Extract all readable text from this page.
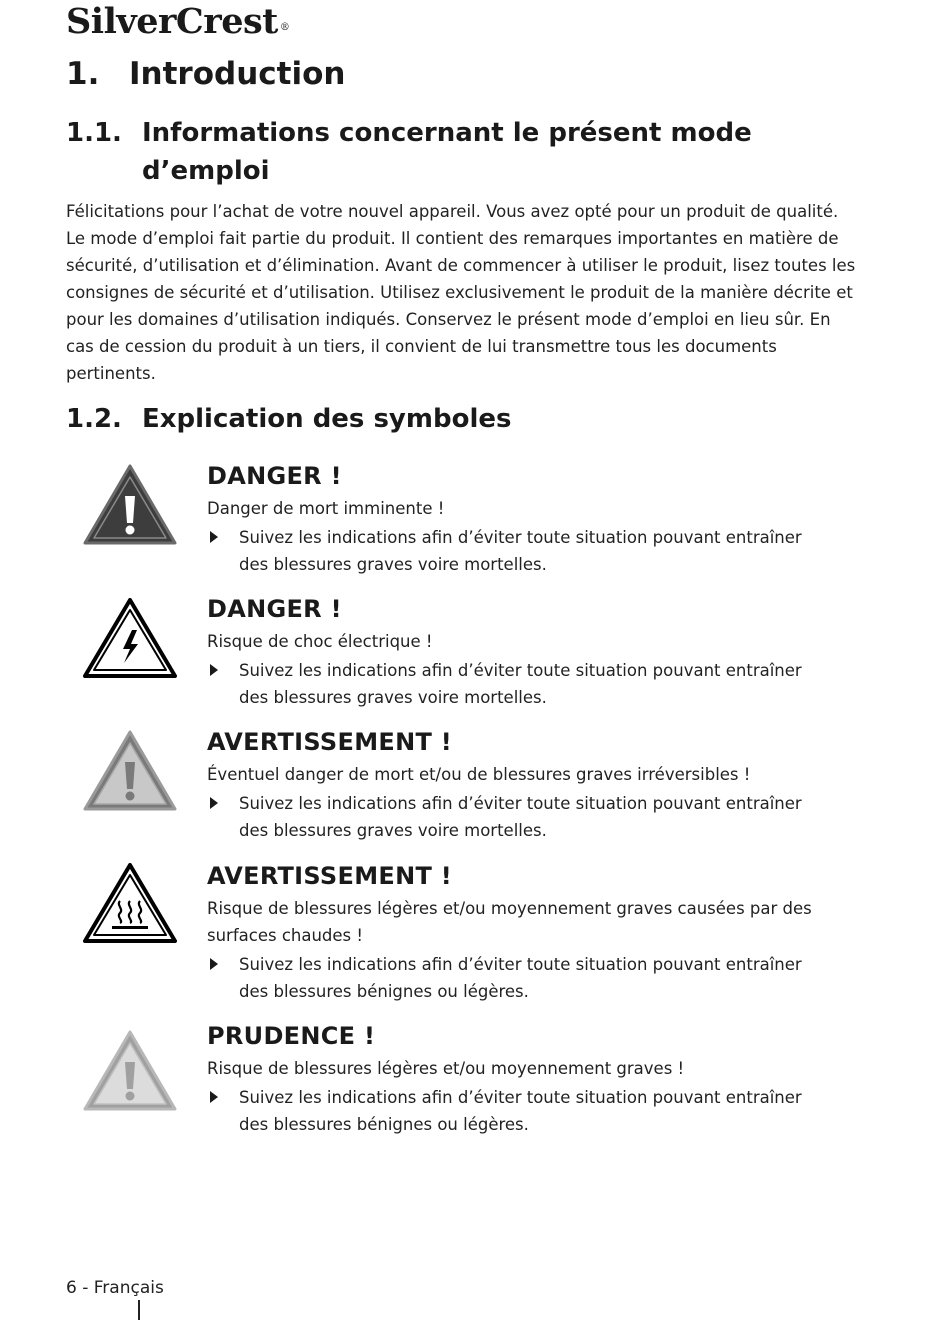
SilverCrest ®
1. Introduction
1.1. Informations concernant le présent mode d’emploi

Félicitations pour l’achat de votre nouvel appareil. Vous avez opté pour un produit de qualité. Le mode d’emploi fait partie du produit. Il contient des remarques importantes en matière de sécurité, d’utilisation et d’élimination. Avant de commencer à utiliser le produit, lisez toutes les consignes de sécurité et d’utilisation. Utilisez exclusivement le produit de la manière décrite et pour les domaines d’utilisation indiqués. Conservez le présent mode d’emploi en lieu sûr. En cas de cession du produit à un tiers, il convient de lui transmettre tous les documents pertinents.

1.2. Explication des symboles

DANGER !

Danger de mort imminente !

Suivez les indications afin d’éviter toute situation pouvant entraîner des blessures graves voire mortelles.

DANGER !

Risque de choc électrique !

Suivez les indications afin d’éviter toute situation pouvant entraîner des blessures graves voire mortelles.

AVERTISSEMENT !

Éventuel danger de mort et/ou de blessures graves irréversibles !

Suivez les indications afin d’éviter toute situation pouvant entraîner des blessures graves voire mortelles.

AVERTISSEMENT !

Risque de blessures légères et/ou moyennement graves causées par des surfaces chaudes !

Suivez les indications afin d’éviter toute situation pouvant entraîner des blessures bénignes ou légères.

PRUDENCE !

Risque de blessures légères et/ou moyennement graves !

Suivez les indications afin d’éviter toute situation pouvant entraîner des blessures bénignes ou légères.
6 - Français
